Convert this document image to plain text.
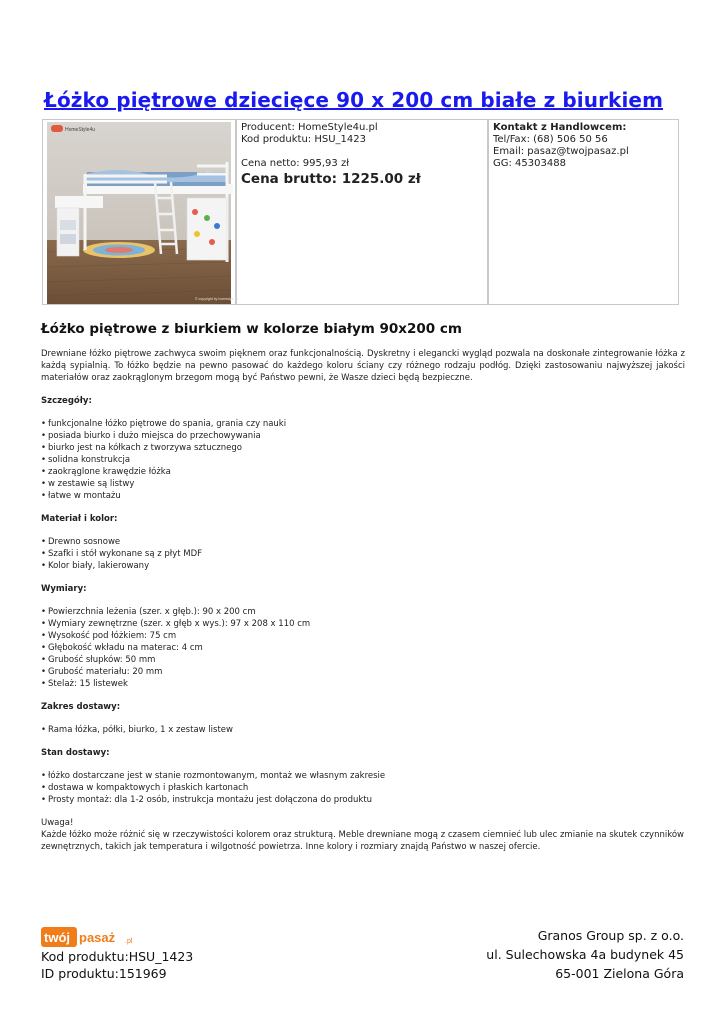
Łóżko piętrowe dziecięce 90 x 200 cm białe z biurkiem
HomeStyle4u
© copyright by homestyle4u
Producent: HomeStyle4u.pl
Kod produktu: HSU_1423
Cena netto: 995,93 zł
Cena brutto: 1225.00 zł
Kontakt z Handlowcem:
Tel/Fax: (68) 506 50 56
Email: pasaz@twojpasaz.pl
GG: 45303488
Łóżko piętrowe z biurkiem w kolorze białym 90x200 cm

Drewniane łóżko piętrowe zachwyca swoim pięknem oraz funkcjonalnością. Dyskretny i elegancki wygląd pozwala na doskonałe zintegrowanie łóżka z każdą sypialnią. To łóżko będzie na pewno pasować do każdego koloru ściany czy różnego rodzaju podłóg. Dzięki zastosowaniu najwyższej jakości materiałów oraz zaokrąglonym brzegom mogą być Państwo pewni, że Wasze dzieci będą bezpieczne.

Szczegóły:
• funkcjonalne łóżko piętrowe do spania, grania czy nauki
• posiada biurko i dużo miejsca do przechowywania
• biurko jest na kółkach z tworzywa sztucznego
• solidna konstrukcja
• zaokrąglone krawędzie łóżka
• w zestawie są listwy
• łatwe w montażu
Materiał i kolor:
• Drewno sosnowe
• Szafki i stół wykonane są z płyt MDF
• Kolor biały, lakierowany
Wymiary:
• Powierzchnia leżenia (szer. x głęb.): 90 x 200 cm
• Wymiary zewnętrzne (szer. x głęb x wys.): 97 x 208 x 110 cm
• Wysokość pod łóżkiem: 75 cm
• Głębokość wkładu na materac: 4 cm
• Grubość słupków: 50 mm
• Grubość materiału: 20 mm
• Stelaż: 15 listewek
Zakres dostawy:
• Rama łóżka, półki, biurko, 1 x zestaw listew
Stan dostawy:
• łóżko dostarczane jest w stanie rozmontowanym, montaż we własnym zakresie
• dostawa w kompaktowych i płaskich kartonach
• Prosty montaż: dla 1-2 osób, instrukcja montażu jest dołączona do produktu
Uwaga!
Każde łóżko może różnić się w rzeczywistości kolorem oraz strukturą. Meble drewniane mogą z czasem ciemnieć lub ulec zmianie na skutek czynników zewnętrznych, takich jak temperatura i wilgotność powietrza. Inne kolory i rozmiary znajdą Państwo w naszej ofercie.
twój pasaż .pl
Kod produktu:HSU_1423
ID produktu:151969
Granos Group sp. z o.o.
ul. Sulechowska 4a budynek 45
65-001 Zielona Góra
